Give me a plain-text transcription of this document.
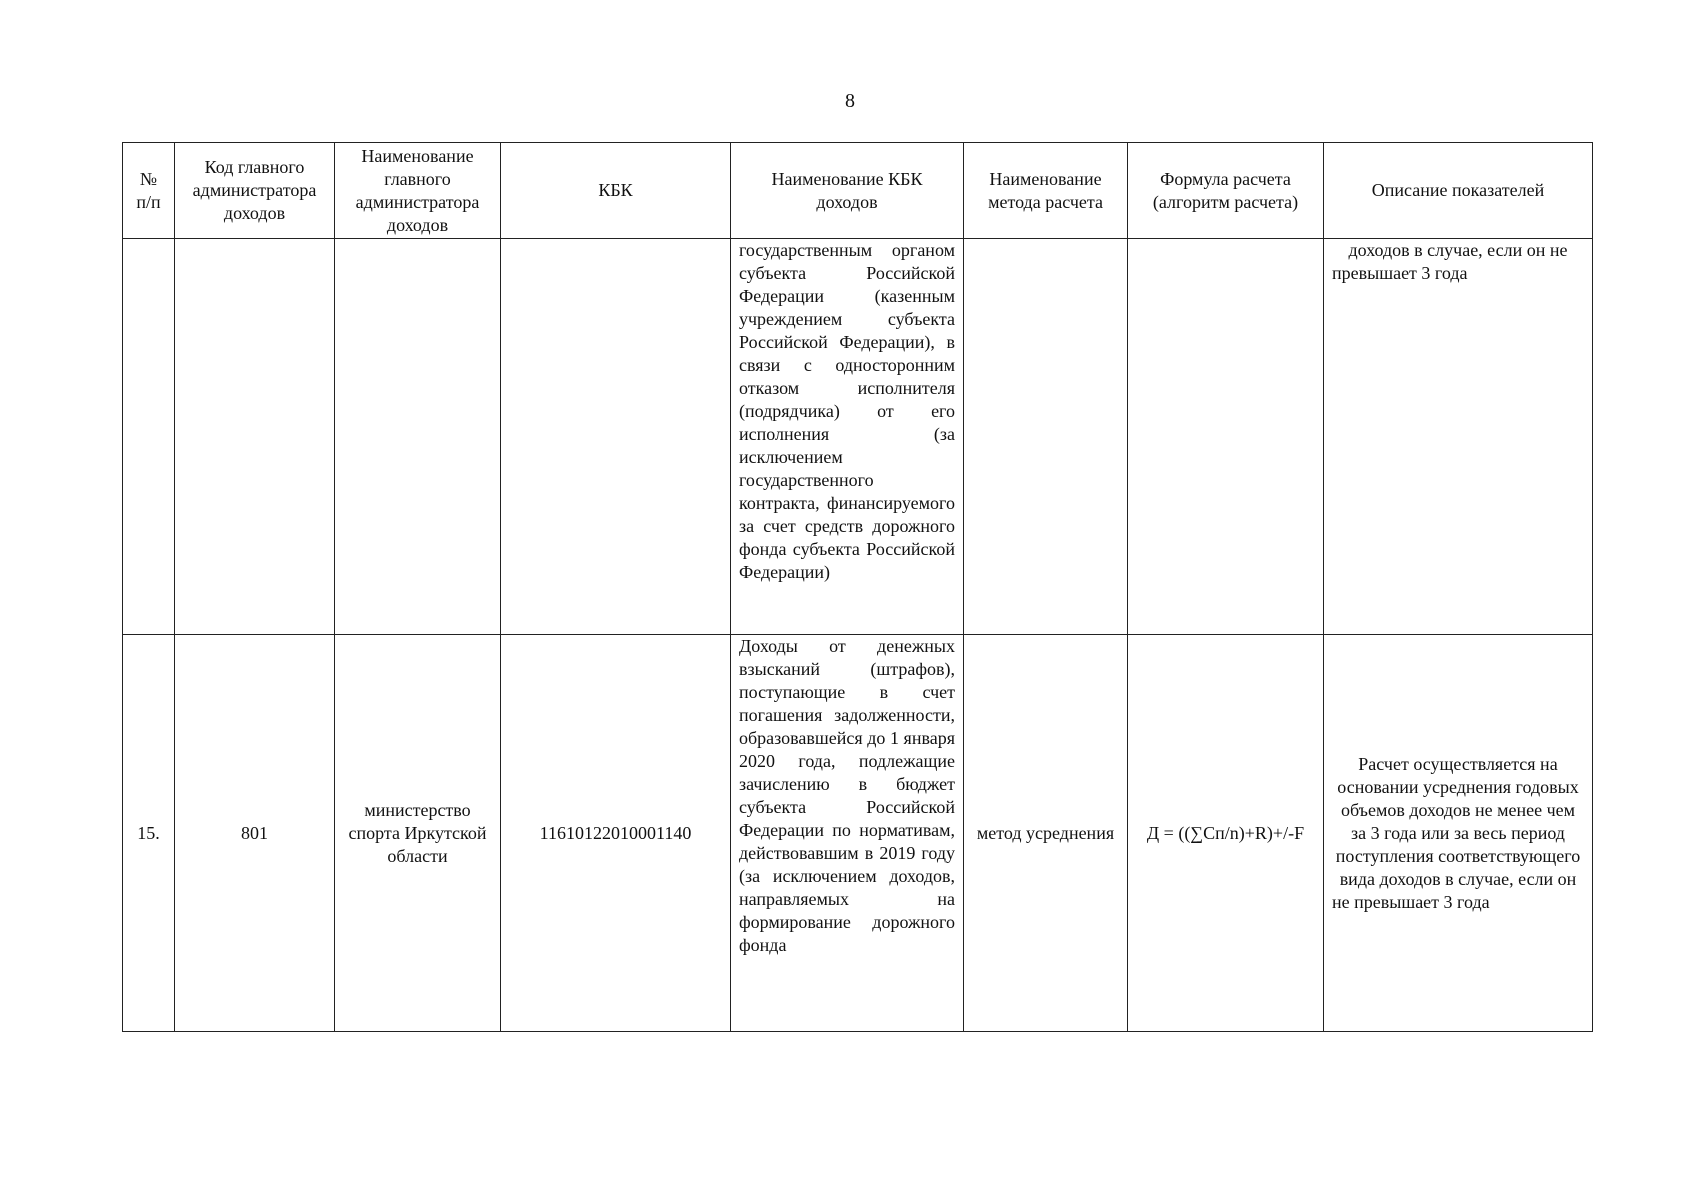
8
№ п/п	Код главного администратора доходов	Наименование главного администратора доходов	КБК	Наименование КБК доходов	Наименование метода расчета	Формула расчета (алгоритм расчета)	Описание показателей
				государственным органом субъекта Российской Федерации (казенным учреждением субъекта Российской Федерации), в связи с односторонним отказом исполнителя (подрядчика) от его исполнения (за исключением государственного контракта, финансируемого за счет средств дорожного фонда субъекта Российской Федерации)			доходов в случае, если он не превышает 3 года
15.	801	министерство спорта Иркутской области	11610122010001140	Доходы от денежных взысканий (штрафов), поступающие в счет погашения задолженности, образовавшейся до 1 января 2020 года, подлежащие зачислению в бюджет субъекта Российской Федерации по нормативам, действовавшим в 2019 году (за исключением доходов, направляемых на формирование дорожного фонда	метод усреднения	Д = ((∑Сп/n)+R)+/-F	Расчет осуществляется на основании усреднения годовых объемов доходов не менее чем за 3 года или за весь период поступления соответствующего вида доходов в случае, если он не превышает 3 года
